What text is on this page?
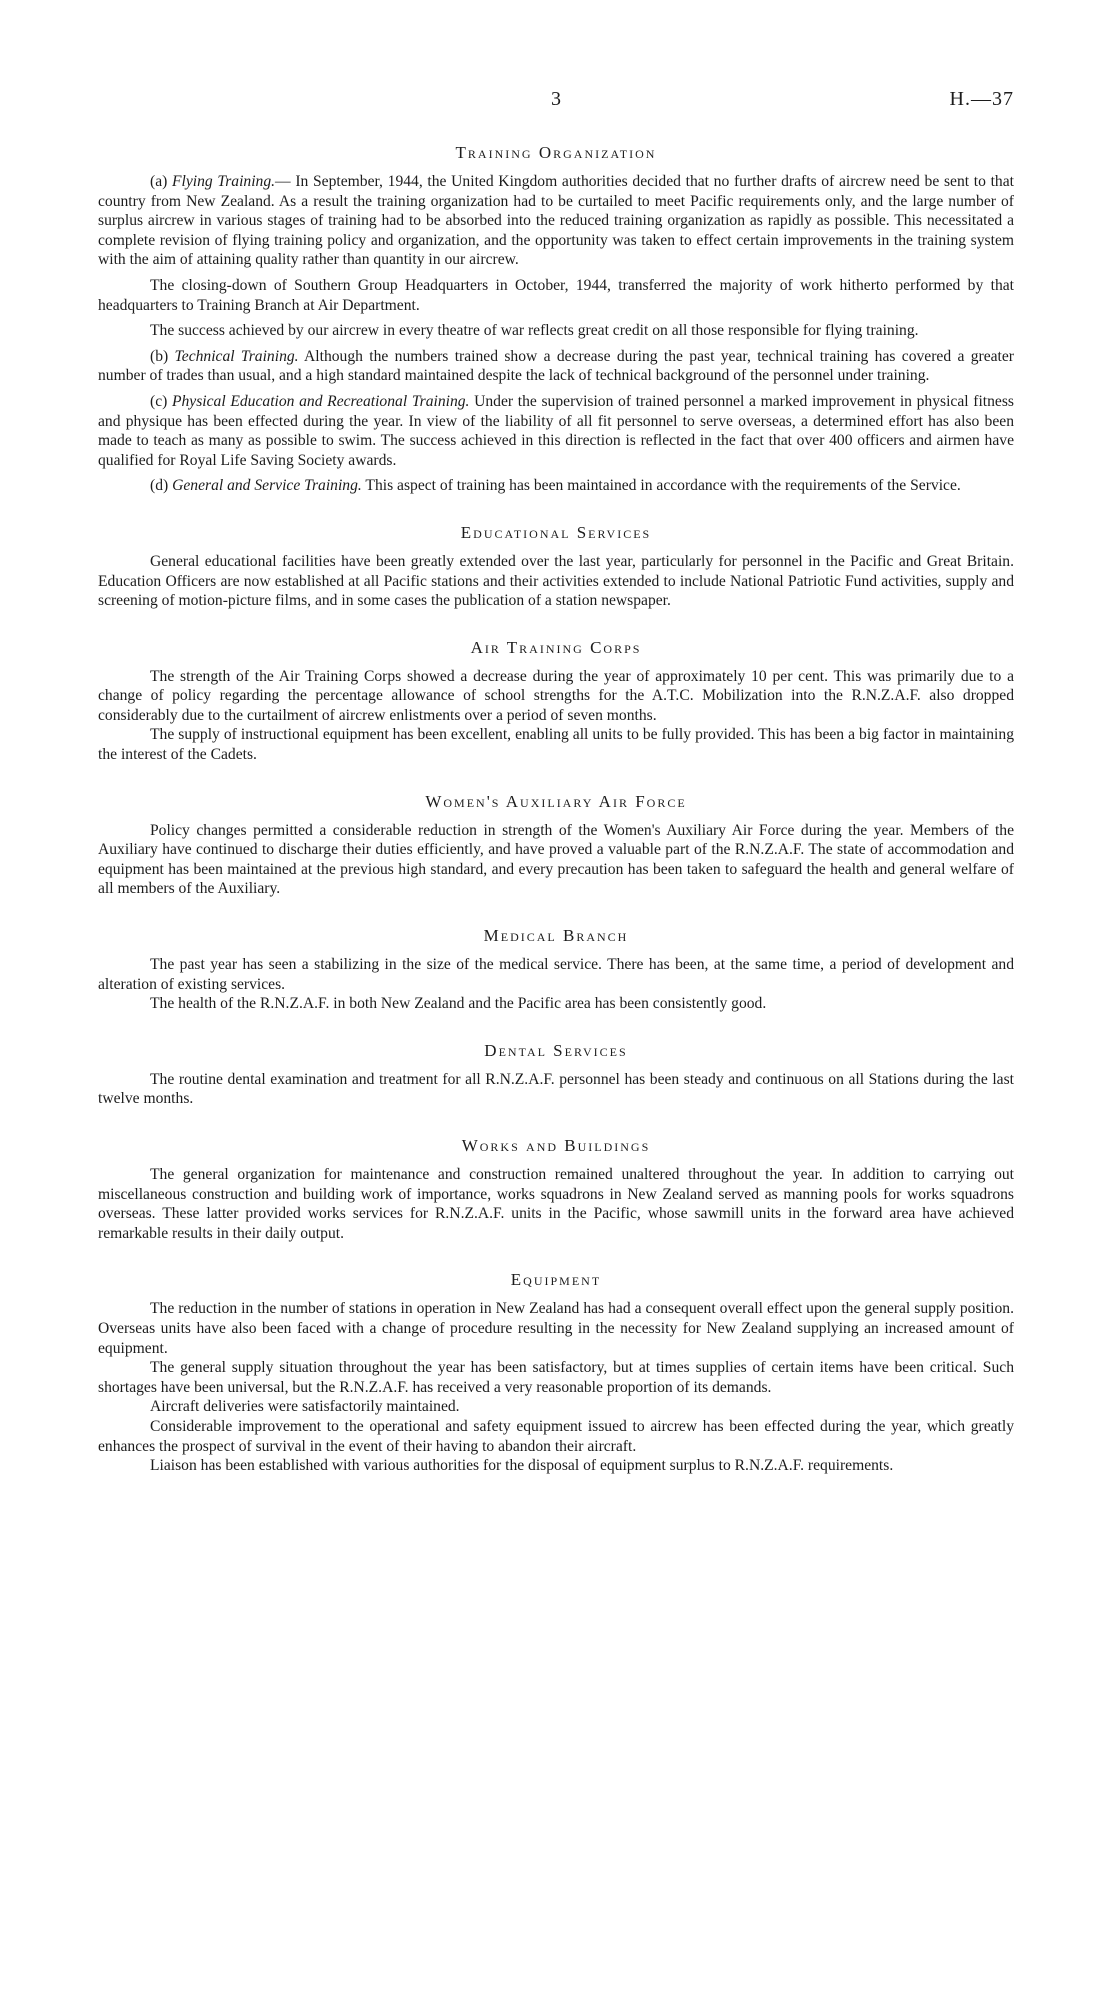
3	H.—37
Training Organization

(a) Flying Training.— In September, 1944, the United Kingdom authorities decided that no further drafts of aircrew need be sent to that country from New Zealand. As a result the training organization had to be curtailed to meet Pacific requirements only, and the large number of surplus aircrew in various stages of training had to be absorbed into the reduced training organization as rapidly as possible. This necessitated a complete revision of flying training policy and organization, and the opportunity was taken to effect certain improvements in the training system with the aim of attaining quality rather than quantity in our aircrew.

The closing-down of Southern Group Headquarters in October, 1944, transferred the majority of work hitherto performed by that headquarters to Training Branch at Air Department.

The success achieved by our aircrew in every theatre of war reflects great credit on all those responsible for flying training.

(b) Technical Training. Although the numbers trained show a decrease during the past year, technical training has covered a greater number of trades than usual, and a high standard maintained despite the lack of technical background of the personnel under training.

(c) Physical Education and Recreational Training. Under the supervision of trained personnel a marked improvement in physical fitness and physique has been effected during the year. In view of the liability of all fit personnel to serve overseas, a determined effort has also been made to teach as many as possible to swim. The success achieved in this direction is reflected in the fact that over 400 officers and airmen have qualified for Royal Life Saving Society awards.

(d) General and Service Training. This aspect of training has been maintained in accordance with the requirements of the Service.

Educational Services

General educational facilities have been greatly extended over the last year, particularly for personnel in the Pacific and Great Britain. Education Officers are now established at all Pacific stations and their activities extended to include National Patriotic Fund activities, supply and screening of motion-picture films, and in some cases the publication of a station newspaper.

Air Training Corps

The strength of the Air Training Corps showed a decrease during the year of approximately 10 per cent. This was primarily due to a change of policy regarding the percentage allowance of school strengths for the A.T.C. Mobilization into the R.N.Z.A.F. also dropped considerably due to the curtailment of aircrew enlistments over a period of seven months.

The supply of instructional equipment has been excellent, enabling all units to be fully provided. This has been a big factor in maintaining the interest of the Cadets.

Women's Auxiliary Air Force

Policy changes permitted a considerable reduction in strength of the Women's Auxiliary Air Force during the year. Members of the Auxiliary have continued to discharge their duties efficiently, and have proved a valuable part of the R.N.Z.A.F. The state of accommodation and equipment has been maintained at the previous high standard, and every precaution has been taken to safeguard the health and general welfare of all members of the Auxiliary.

Medical Branch

The past year has seen a stabilizing in the size of the medical service. There has been, at the same time, a period of development and alteration of existing services.

The health of the R.N.Z.A.F. in both New Zealand and the Pacific area has been consistently good.

Dental Services

The routine dental examination and treatment for all R.N.Z.A.F. personnel has been steady and continuous on all Stations during the last twelve months.

Works and Buildings

The general organization for maintenance and construction remained unaltered throughout the year. In addition to carrying out miscellaneous construction and building work of importance, works squadrons in New Zealand served as manning pools for works squadrons overseas. These latter provided works services for R.N.Z.A.F. units in the Pacific, whose sawmill units in the forward area have achieved remarkable results in their daily output.

Equipment

The reduction in the number of stations in operation in New Zealand has had a consequent overall effect upon the general supply position. Overseas units have also been faced with a change of procedure resulting in the necessity for New Zealand supplying an increased amount of equipment.

The general supply situation throughout the year has been satisfactory, but at times supplies of certain items have been critical. Such shortages have been universal, but the R.N.Z.A.F. has received a very reasonable proportion of its demands.

Aircraft deliveries were satisfactorily maintained.

Considerable improvement to the operational and safety equipment issued to aircrew has been effected during the year, which greatly enhances the prospect of survival in the event of their having to abandon their aircraft.

Liaison has been established with various authorities for the disposal of equipment surplus to R.N.Z.A.F. requirements.
